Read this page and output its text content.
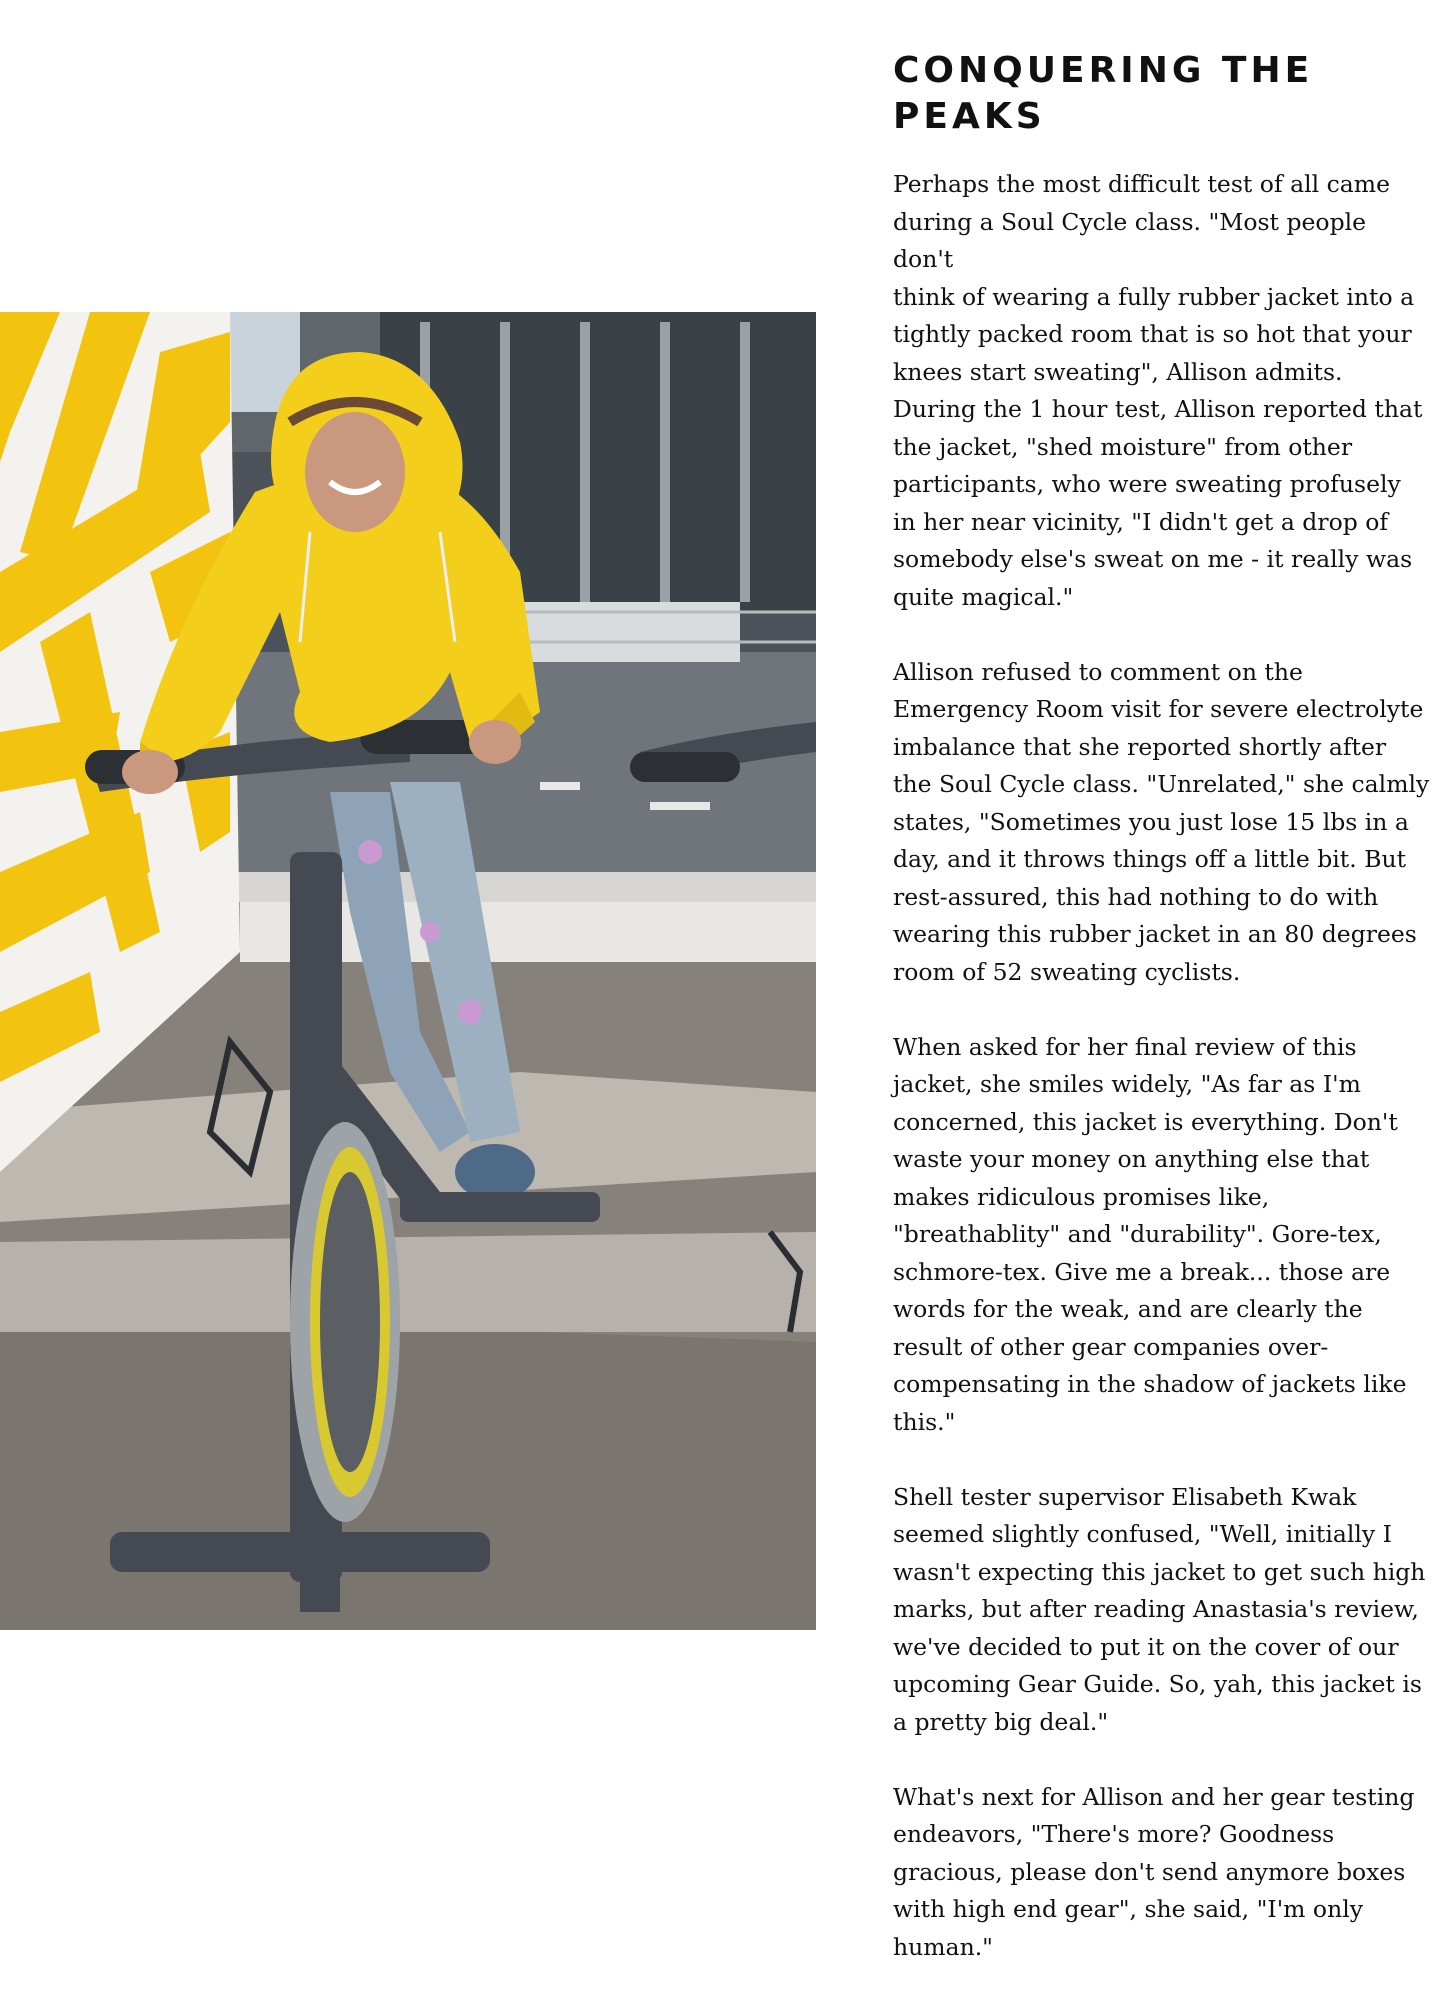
CONQUERING THE PEAKS

Perhaps the most difficult test of all came
during a Soul Cycle class. "Most people don't
think of wearing a fully rubber jacket into a
tightly packed room that is so hot that your
knees start sweating", Allison admits.
During the 1 hour test, Allison reported that
the jacket, "shed moisture" from other
participants, who were sweating profusely
in her near vicinity, "I didn't get a drop of
somebody else's sweat on me - it really was
quite magical."

Allison refused to comment on the
Emergency Room visit for severe electrolyte
imbalance that she reported shortly after
the Soul Cycle class. "Unrelated," she calmly
states, "Sometimes you just lose 15 lbs in a
day, and it throws things off a little bit. But
rest-assured, this had nothing to do with
wearing this rubber jacket in an 80 degrees
room of 52 sweating cyclists.

When asked for her final review of this
jacket, she smiles widely, "As far as I'm
concerned, this jacket is everything. Don't
waste your money on anything else that
makes ridiculous promises like,
"breathablity" and "durability". Gore-tex,
schmore-tex. Give me a break... those are
words for the weak, and are clearly the
result of other gear companies over-
compensating in the shadow of jackets like
this."

Shell tester supervisor Elisabeth Kwak
seemed slightly confused, "Well, initially I
wasn't expecting this jacket to get such high
marks, but after reading Anastasia's review,
we've decided to put it on the cover of our
upcoming Gear Guide. So, yah, this jacket is
a pretty big deal."

What's next for Allison and her gear testing
endeavors, "There's more? Goodness
gracious, please don't send anymore boxes
with high end gear", she said, "I'm only
human."
